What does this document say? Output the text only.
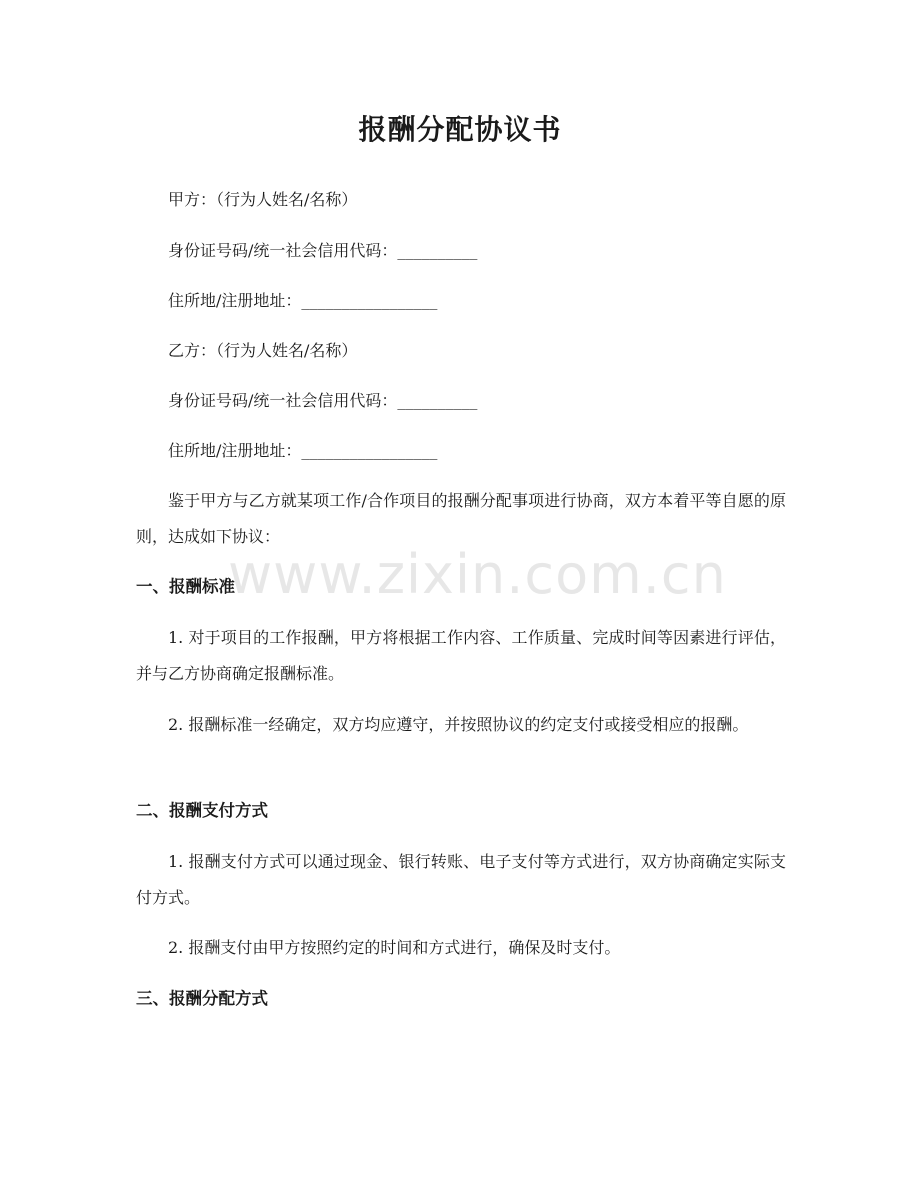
报酬分配协议书

甲方：（行为人姓名/名称）

身份证号码/统一社会信用代码：__________

住所地/注册地址：_________________

乙方：（行为人姓名/名称）

身份证号码/统一社会信用代码：__________

住所地/注册地址：_________________

鉴于甲方与乙方就某项工作/合作项目的报酬分配事项进行协商，双方本着平等自愿的原则，达成如下协议：

一、报酬标准

1. 对于项目的工作报酬，甲方将根据工作内容、工作质量、完成时间等因素进行评估，并与乙方协商确定报酬标准。

2. 报酬标准一经确定，双方均应遵守，并按照协议的约定支付或接受相应的报酬。

二、报酬支付方式

1. 报酬支付方式可以通过现金、银行转账、电子支付等方式进行，双方协商确定实际支付方式。

2. 报酬支付由甲方按照约定的时间和方式进行，确保及时支付。

三、报酬分配方式
www.zixin.com.cn
